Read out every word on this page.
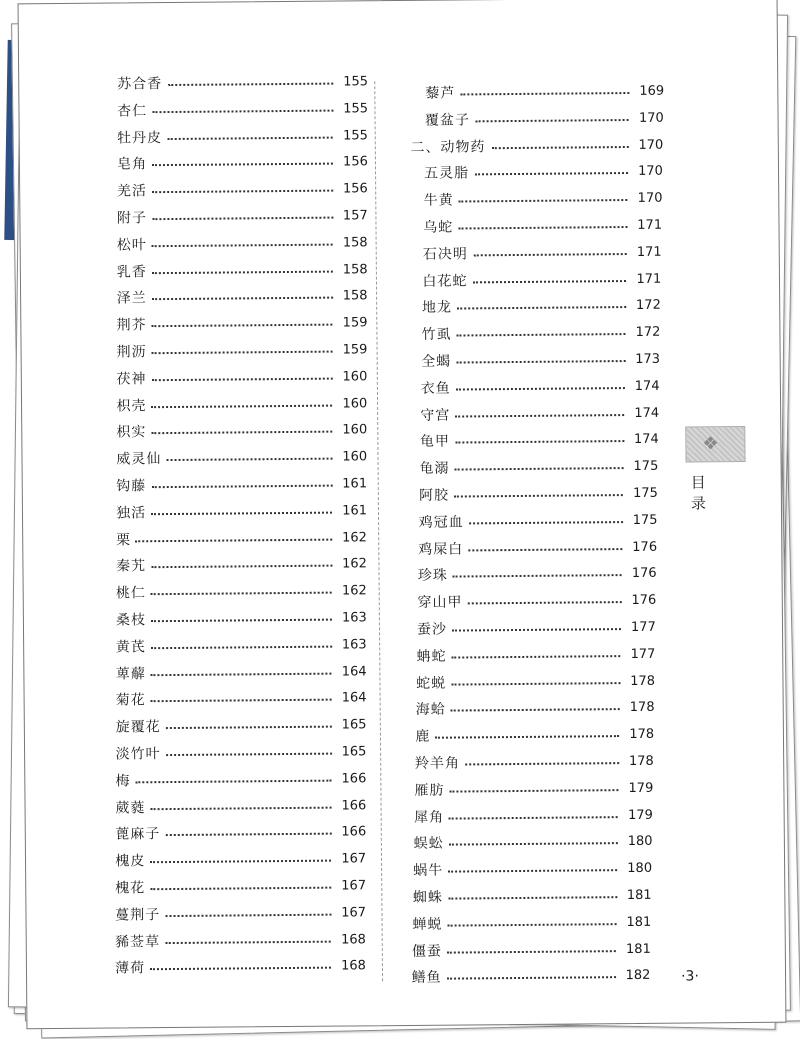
苏合香	155
杏仁	155
牡丹皮	155
皂角	156
羌活	156
附子	157
松叶	158
乳香	158
泽兰	158
荆芥	159
荆沥	159
茯神	160
枳壳	160
枳实	160
威灵仙	160
钩藤	161
独活	161
栗	162
秦艽	162
桃仁	162
桑枝	163
黄芪	163
萆薢	164
菊花	164
旋覆花	165
淡竹叶	165
梅	166
葳蕤	166
蓖麻子	166
槐皮	167
槐花	167
蔓荆子	167
豨莶草	168
薄荷	168
藜芦	169
覆盆子	170
二、动物药	170
五灵脂	170
牛黄	170
乌蛇	171
石决明	171
白花蛇	171
地龙	172
竹虱	172
全蝎	173
衣鱼	174
守宫	174
龟甲	174
龟溺	175
阿胶	175
鸡冠血	175
鸡屎白	176
珍珠	176
穿山甲	176
蚕沙	177
蚺蛇	177
蛇蜕	178
海蛤	178
鹿	178
羚羊角	178
雁肪	179
犀角	179
蜈蚣	180
蜗牛	180
蜘蛛	181
蝉蜕	181
僵蚕	181
鳝鱼	182
❖
目录
·3·
